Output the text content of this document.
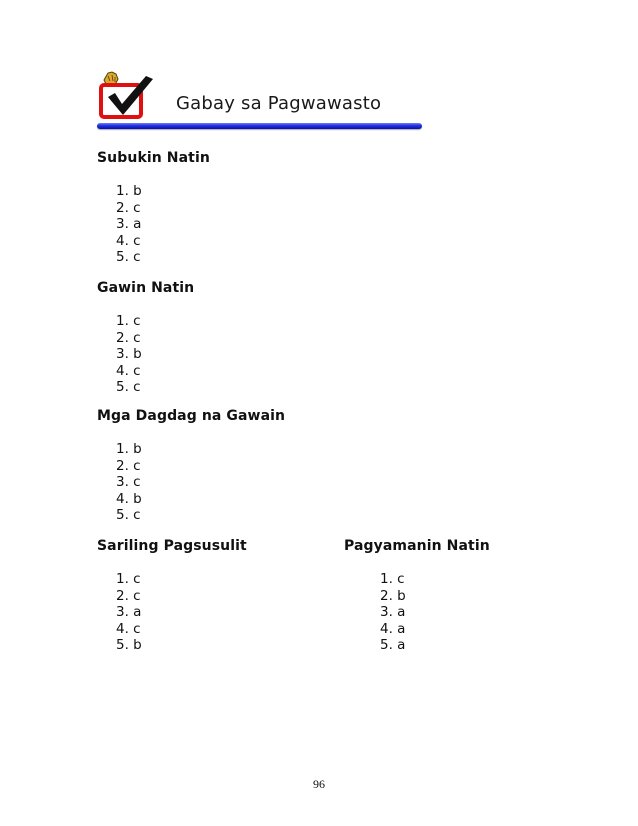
Gabay sa Pagwawasto
Subukin Natin
1. b
2. c
3. a
4. c
5. c
Gawin Natin
1. c
2. c
3. b
4. c
5. c
Mga Dagdag na Gawain
1. b
2. c
3. c
4. b
5. c
Sariling Pagsusulit
1. c
2. c
3. a
4. c
5. b
Pagyamanin Natin
1. c
2. b
3. a
4. a
5. a
96
